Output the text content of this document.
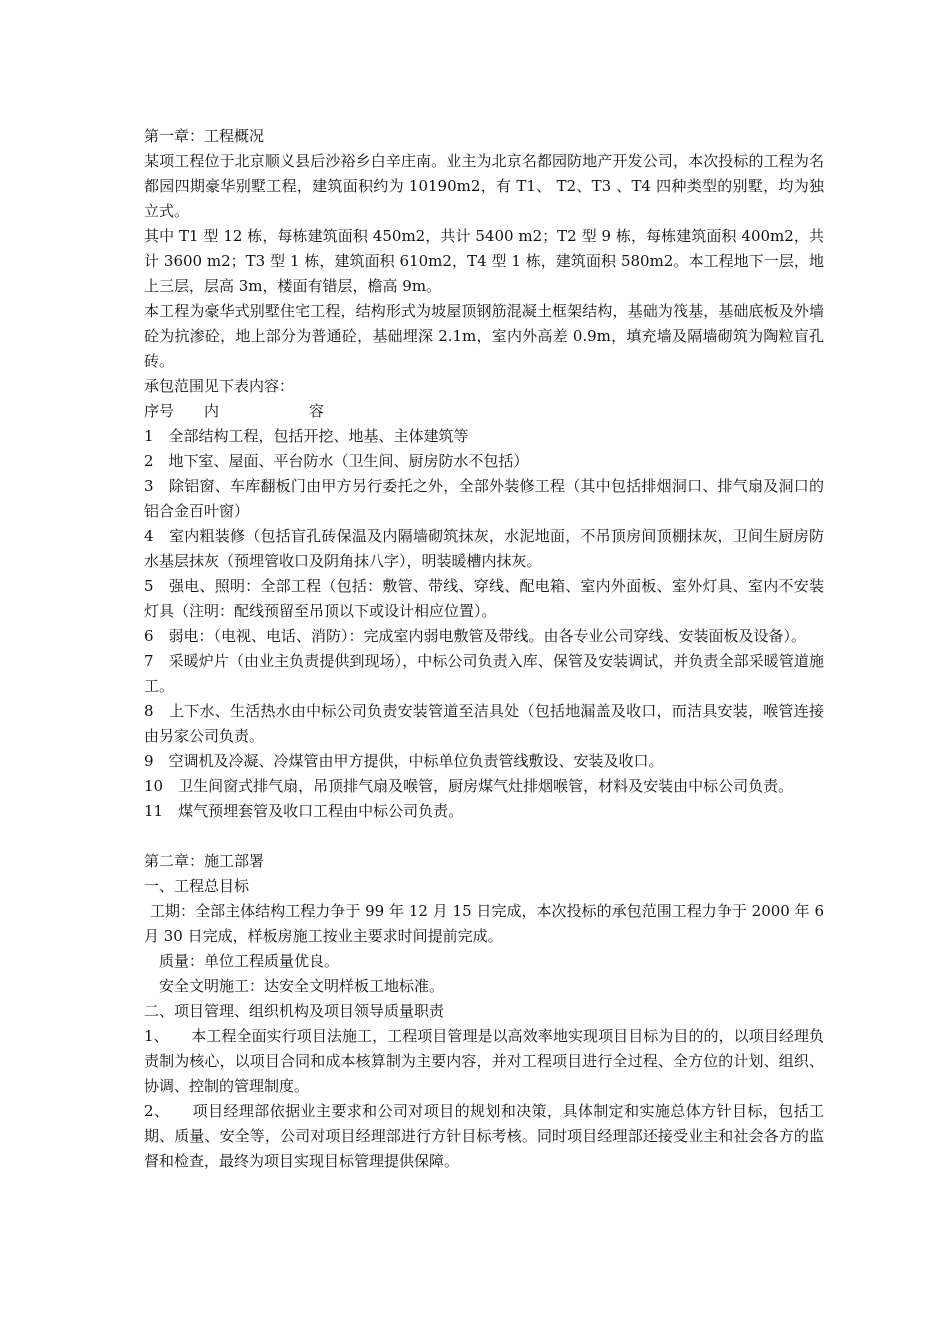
第一章：工程概况

某项工程位于北京顺义县后沙裕乡白辛庄南。业主为北京名都园防地产开发公司，本次投标的工程为名都园四期豪华别墅工程，建筑面积约为 10190m2，有 T1、 T2、T3 、T4 四种类型的别墅，均为独立式。

其中 T1 型 12 栋，每栋建筑面积 450m2，共计 5400 m2；T2 型 9 栋，每栋建筑面积 400m2，共计 3600 m2；T3 型 1 栋，建筑面积 610m2，T4 型 1 栋，建筑面积 580m2。本工程地下一层，地上三层，层高 3m，楼面有错层，檐高 9m。

本工程为豪华式别墅住宅工程，结构形式为坡屋顶钢筋混凝土框架结构，基础为筏基，基础底板及外墙砼为抗渗砼，地上部分为普通砼，基础埋深 2.1m，室内外高差 0.9m，填充墙及隔墙砌筑为陶粒盲孔砖。

承包范围见下表内容：

序号　　内　　　　　　容

1　全部结构工程，包括开挖、地基、主体建筑等

2　地下室、屋面、平台防水（卫生间、厨房防水不包括）

3　除铝窗、车库翻板门由甲方另行委托之外，全部外装修工程（其中包括排烟洞口、排气扇及洞口的铝合金百叶窗）

4　室内粗装修（包括盲孔砖保温及内隔墙砌筑抹灰，水泥地面，不吊顶房间顶棚抹灰，卫间生厨房防水基层抹灰（预埋管收口及阴角抹八字），明装暖槽内抹灰。

5　强电、照明：全部工程（包括：敷管、带线、穿线、配电箱、室内外面板、室外灯具、室内不安装灯具（注明：配线预留至吊顶以下或设计相应位置）。

6　弱电：（电视、电话、消防）：完成室内弱电敷管及带线。由各专业公司穿线、安装面板及设备）。

7　采暖炉片（由业主负责提供到现场），中标公司负责入库、保管及安装调试，并负责全部采暖管道施工。

8　上下水、生活热水由中标公司负责安装管道至洁具处（包括地漏盖及收口，而洁具安装，喉管连接由另家公司负责。

9　空调机及冷凝、冷煤管由甲方提供，中标单位负责管线敷设、安装及收口。

10　卫生间窗式排气扇，吊顶排气扇及喉管，厨房煤气灶排烟喉管，材料及安装由中标公司负责。

11　煤气预埋套管及收口工程由中标公司负责。

第二章：施工部署

一、工程总目标

工期：全部主体结构工程力争于 99 年 12 月 15 日完成，本次投标的承包范围工程力争于 2000 年 6 月 30 日完成，样板房施工按业主要求时间提前完成。

质量：单位工程质量优良。

安全文明施工：达安全文明样板工地标准。

二、项目管理、组织机构及项目领导质量职责

1、　　本工程全面实行项目法施工，工程项目管理是以高效率地实现项目目标为目的的，以项目经理负责制为核心，以项目合同和成本核算制为主要内容，并对工程项目进行全过程、全方位的计划、组织、协调、控制的管理制度。

2、　　项目经理部依据业主要求和公司对项目的规划和决策，具体制定和实施总体方针目标，包括工期、质量、安全等，公司对项目经理部进行方针目标考核。同时项目经理部还接受业主和社会各方的监督和检查，最终为项目实现目标管理提供保障。
